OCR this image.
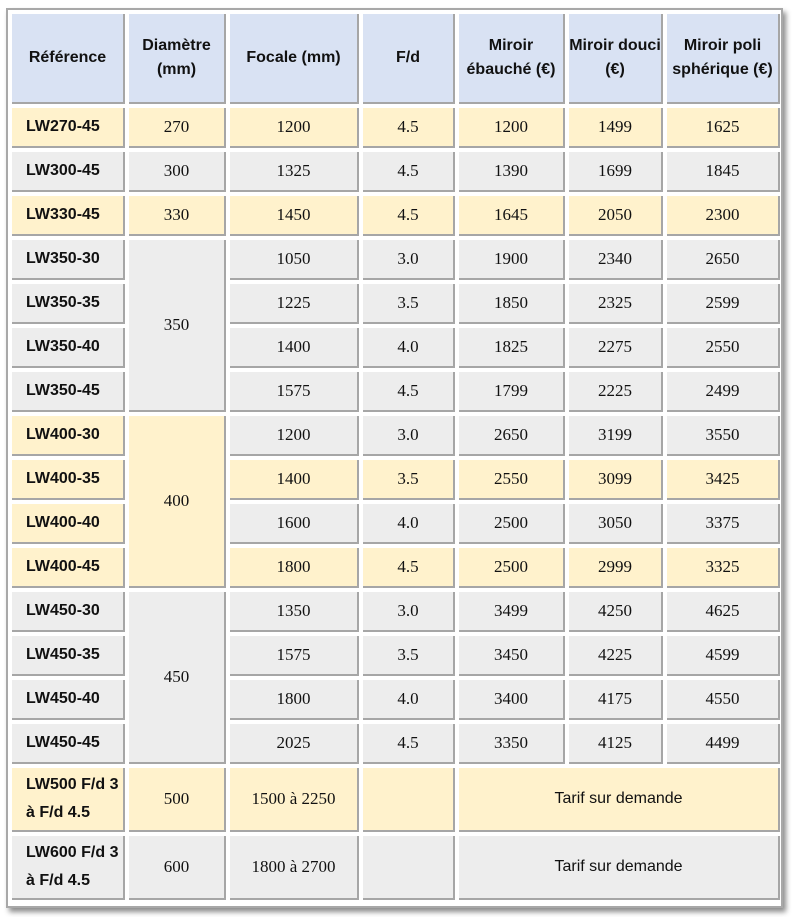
Référence	Diamètre (mm)	Focale (mm)	F/d	Miroir ébauché (€)	Miroir douci (€)	Miroir poli sphérique (€)
LW270-45	270	1200	4.5	1200	1499	1625
LW300-45	300	1325	4.5	1390	1699	1845
LW330-45	330	1450	4.5	1645	2050	2300
LW350-30	350	1050	3.0	1900	2340	2650
LW350-35		1225	3.5	1850	2325	2599
LW350-40		1400	4.0	1825	2275	2550
LW350-45		1575	4.5	1799	2225	2499
LW400-30	400	1200	3.0	2650	3199	3550
LW400-35		1400	3.5	2550	3099	3425
LW400-40		1600	4.0	2500	3050	3375
LW400-45		1800	4.5	2500	2999	3325
LW450-30	450	1350	3.0	3499	4250	4625
LW450-35		1575	3.5	3450	4225	4599
LW450-40		1800	4.0	3400	4175	4550
LW450-45		2025	4.5	3350	4125	4499
LW500 F/d 3 à F/d 4.5	500	1500 à 2250		Tarif sur demande		
LW600 F/d 3 à F/d 4.5	600	1800 à 2700		Tarif sur demande		
